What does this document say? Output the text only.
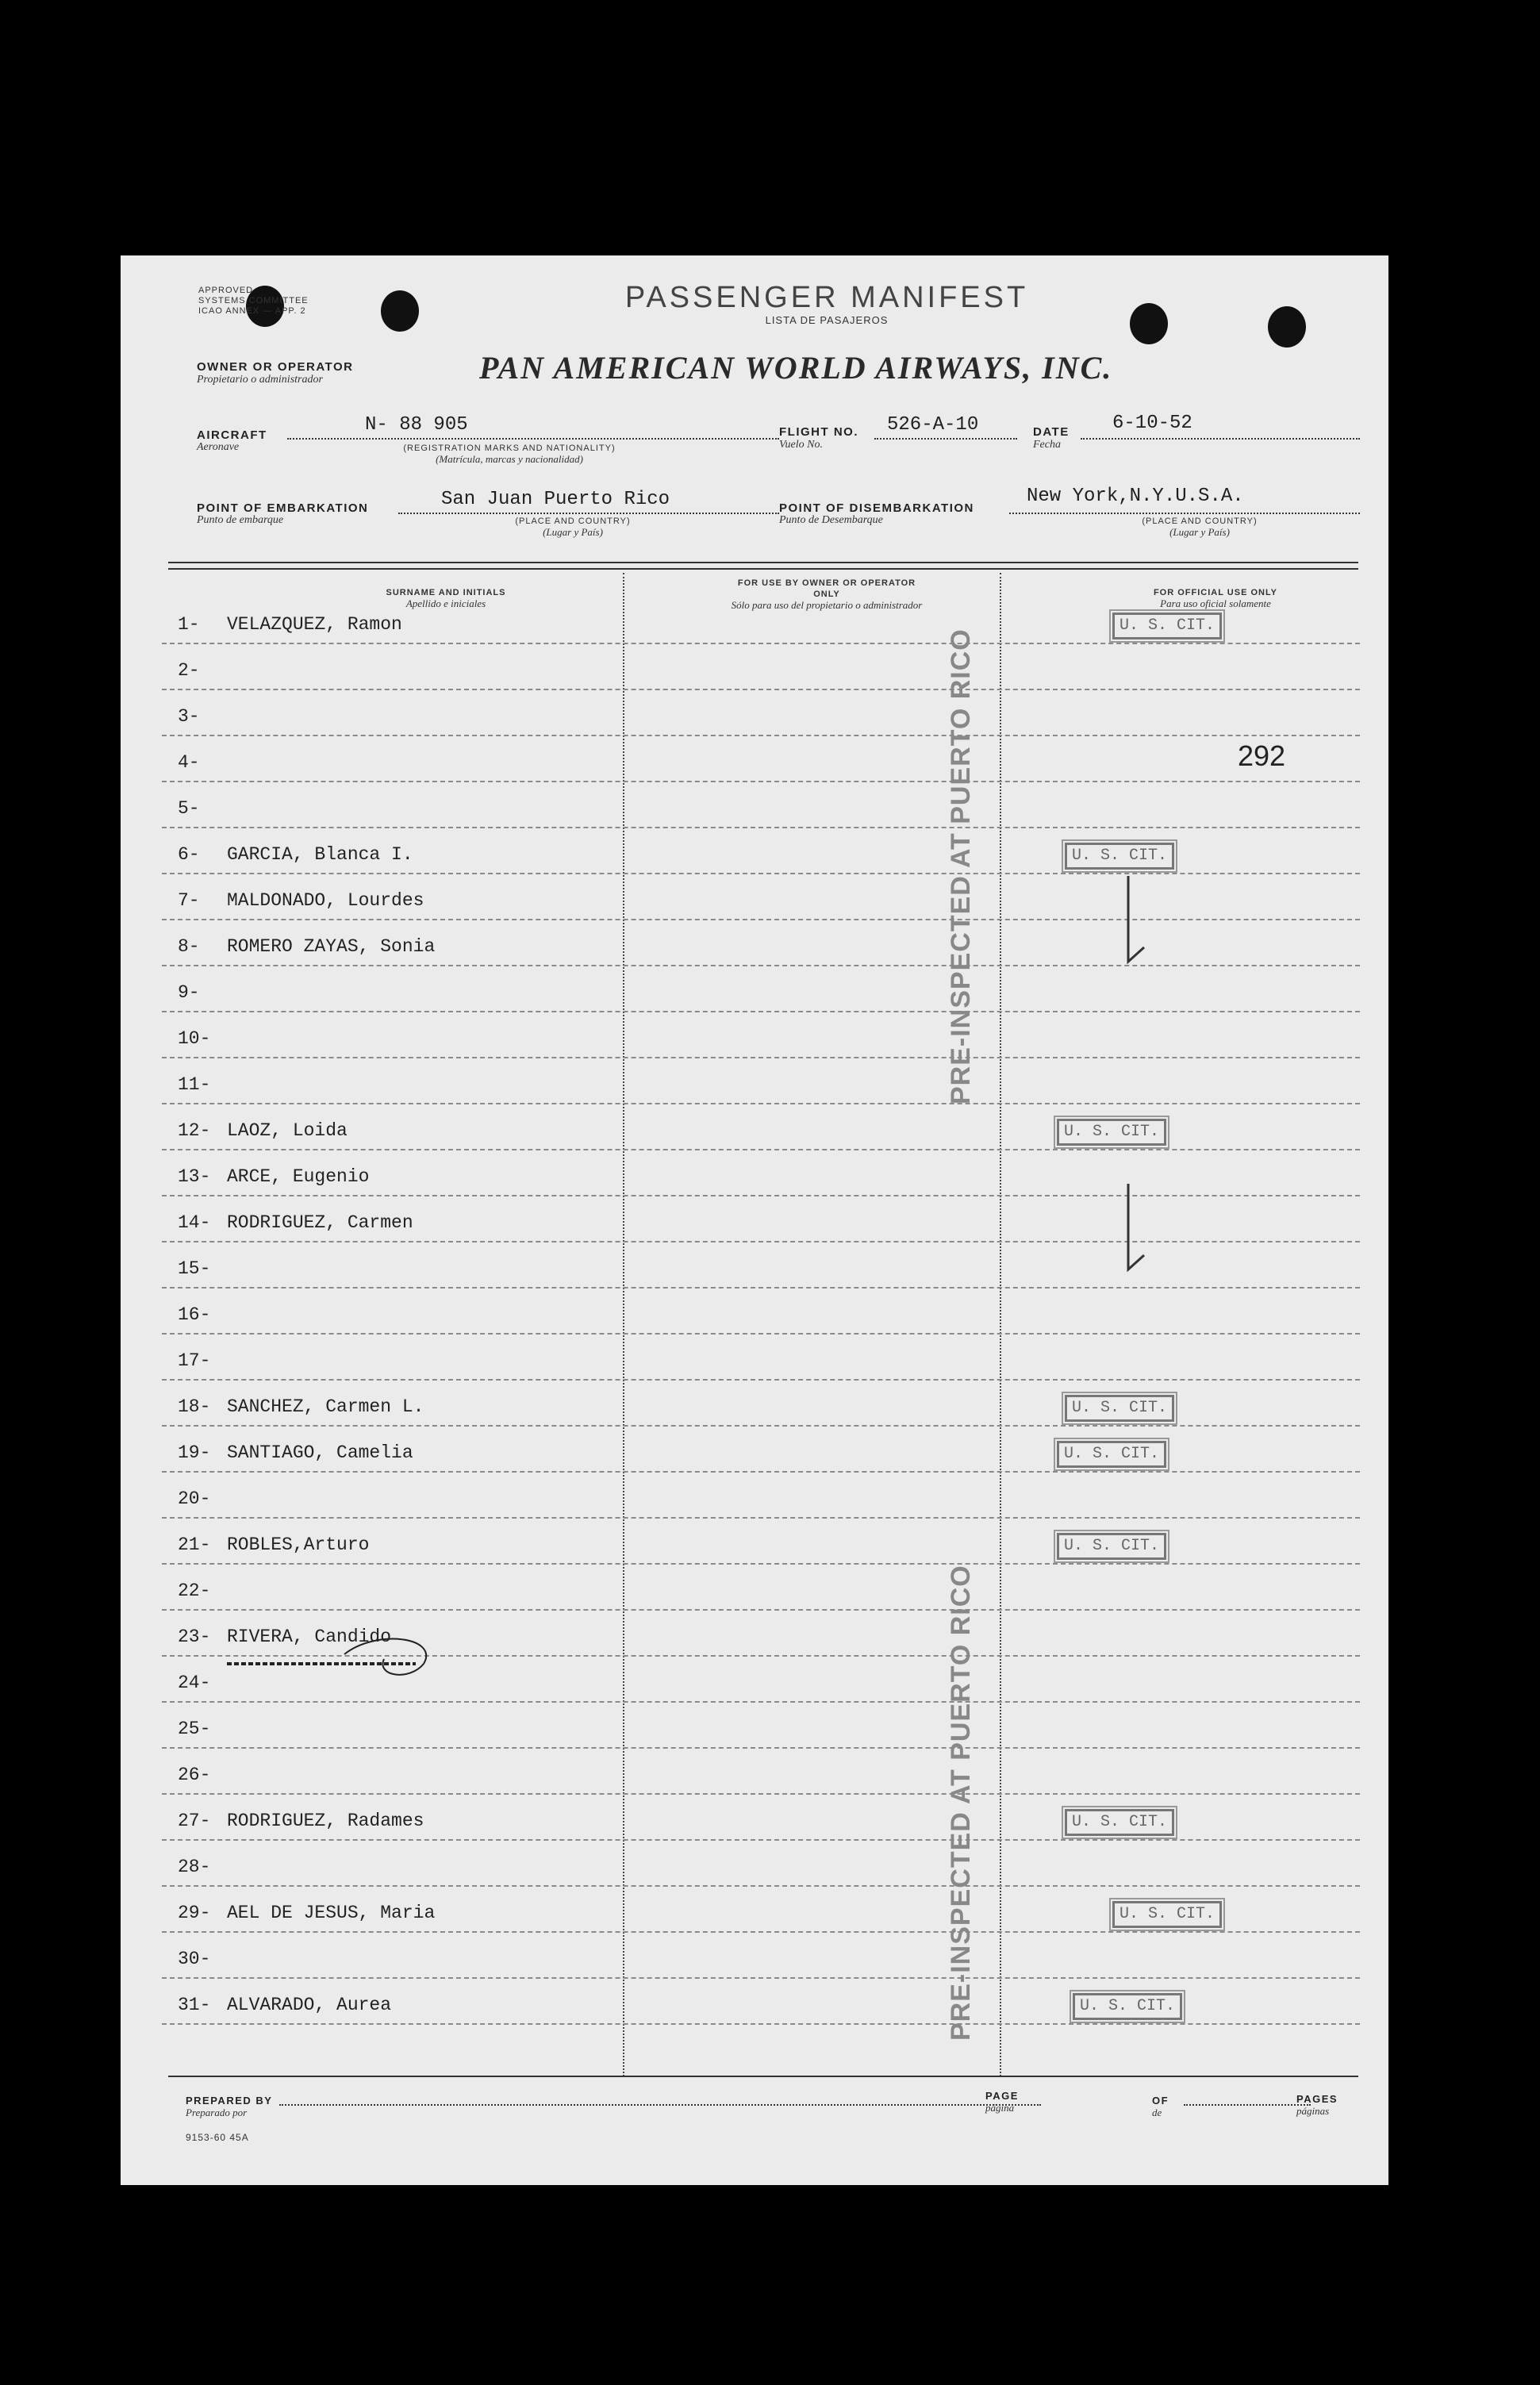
APPROVED
SYSTEMS COMMITTEE
ICAO ANNEX — APP. 2	PASSENGER MANIFEST
LISTA DE PASAJEROS
OWNER OR OPERATOR
Propietario o administrador	PAN AMERICAN WORLD AIRWAYS, INC.
AIRCRAFT
Aeronave
N- 88 905
(REGISTRATION MARKS AND NATIONALITY)
(Matrícula, marcas y nacionalidad)
FLIGHT NO.
Vuelo No.
526-A-10	DATE
Fecha
6-10-52
POINT OF EMBARKATION
Punto de embarque
San Juan Puerto Rico
(PLACE AND COUNTRY)
(Lugar y País)
POINT OF DISEMBARKATION
Punto de Desembarque
New York,N.Y.U.S.A.
(PLACE AND COUNTRY)
(Lugar y País)
SURNAME AND INITIALS
Apellido e iniciales
FOR USE BY OWNER OR OPERATOR ONLY
Sólo para uso del propietario o administrador
FOR OFFICIAL USE ONLY
Para uso oficial solamente
1- VELAZQUEZ, Ramon	U. S. CIT.
2-
3-
4-
5-
6- GARCIA, Blanca I.	U. S. CIT.
7- MALDONADO, Lourdes
8- ROMERO ZAYAS, Sonia
9-
10-
11-
12- LAOZ, Loida	U. S. CIT.
13- ARCE, Eugenio
14- RODRIGUEZ, Carmen
15-
16-
17-
18- SANCHEZ, Carmen L.	U. S. CIT.
19- SANTIAGO, Camelia	U. S. CIT.
20-
21- ROBLES,Arturo	U. S. CIT.
22-
23- RIVERA, Candido
24-
25-
26-
27- RODRIGUEZ, Radames	U. S. CIT.
28-
29- AEL DE JESUS, Maria	U. S. CIT.
30-
31- ALVARADO, Aurea	U. S. CIT.
292
PRE-INSPECTED AT PUERTO RICO
PRE-INSPECTED AT PUERTO RICO
PREPARED BY
Preparado por
PAGE
página
OF
de
PAGES
páginas
9153-60 45A
